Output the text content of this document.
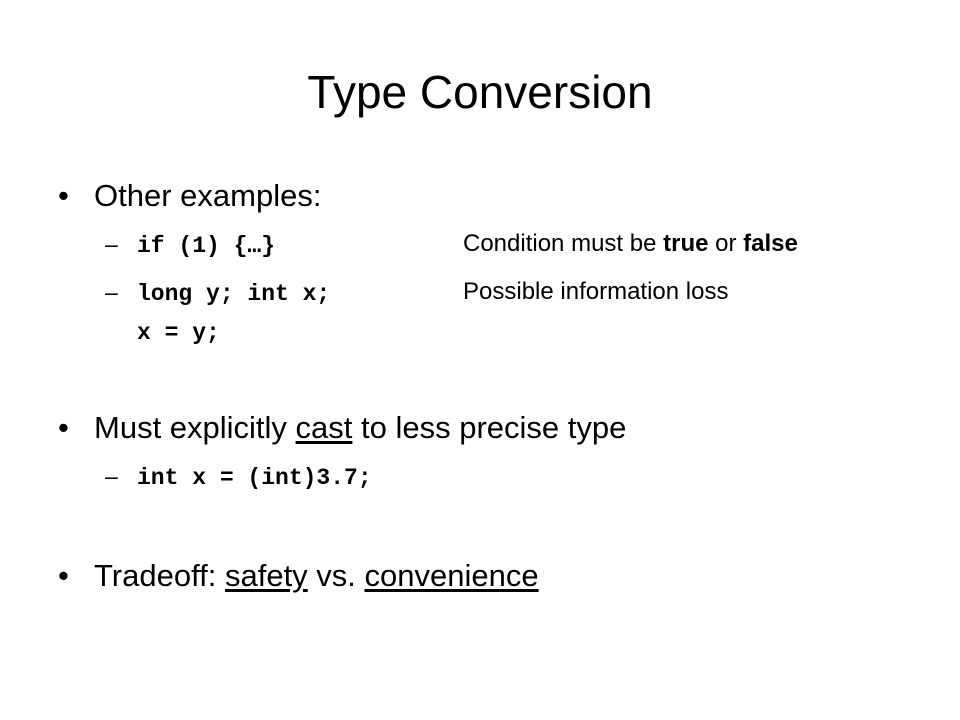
Type Conversion
• Other examples:
– if (1) {…}	Condition must be true or false
– long y; int x;	Possible information loss
x = y;
• Must explicitly cast to less precise type
– int x = (int)3.7;
• Tradeoff: safety vs. convenience
